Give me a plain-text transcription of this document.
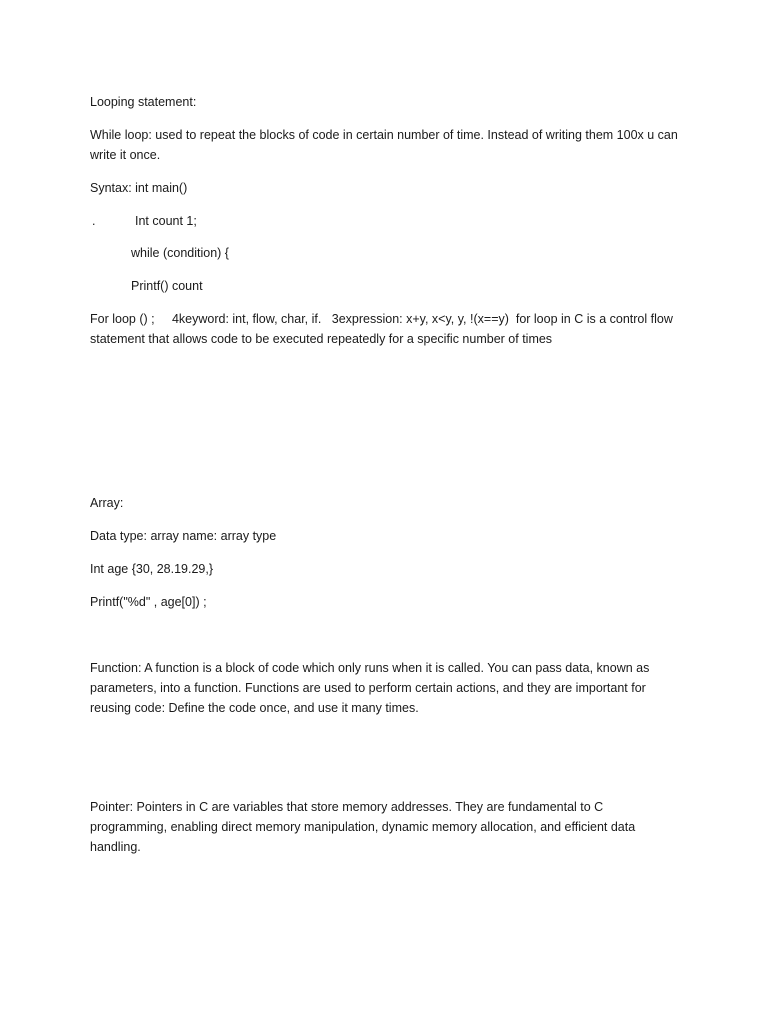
Looping statement:

While loop: used to repeat the blocks of code in certain number of time. Instead of writing them 100x u can write it once.

Syntax: int main()

.	Int count 1;

while (condition) {

Printf() count

For loop () ;     4keyword: int, flow, char, if.   3expression: x+y, x<y, y, !(x==y)  for loop in C is a control flow statement that allows code to be executed repeatedly for a specific number of times

Array:

Data type: array name: array type

Int age {30, 28.19.29,}

Printf("%d" , age[0]) ;

Function: A function is a block of code which only runs when it is called. You can pass data, known as parameters, into a function. Functions are used to perform certain actions, and they are important for reusing code: Define the code once, and use it many times.

Pointer: Pointers in C are variables that store memory addresses. They are fundamental to C programming, enabling direct memory manipulation, dynamic memory allocation, and efficient data handling.
